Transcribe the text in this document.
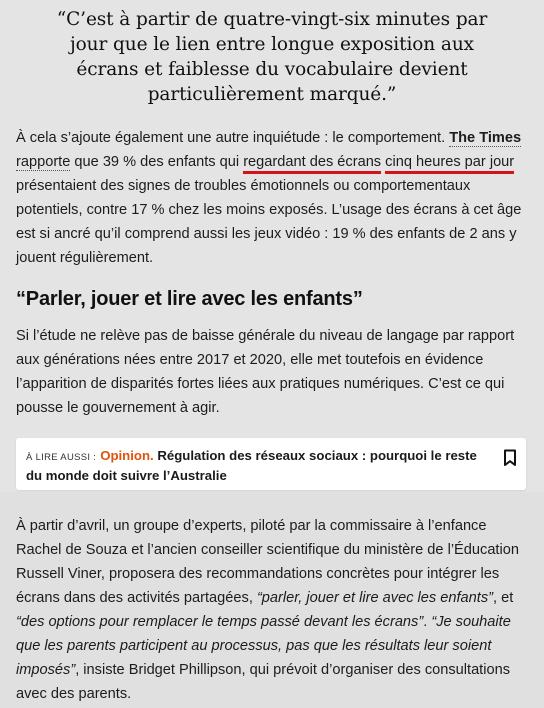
“C’est à partir de quatre-vingt-six minutes par jour que le lien entre longue exposition aux écrans et faiblesse du vocabulaire devient particulièrement marqué.”
À cela s’ajoute également une autre inquiétude : le comportement. The Times rapporte que 39 % des enfants qui regardant des écrans cinq heures par jour présentaient des signes de troubles émotionnels ou comportementaux potentiels, contre 17 % chez les moins exposés. L’usage des écrans à cet âge est si ancré qu’il comprend aussi les jeux vidéo : 19 % des enfants de 2 ans y jouent régulièrement.
“Parler, jouer et lire avec les enfants”
Si l’étude ne relève pas de baisse générale du niveau de langage par rapport aux générations nées entre 2017 et 2020, elle met toutefois en évidence l’apparition de disparités fortes liées aux pratiques numériques. C’est ce qui pousse le gouvernement à agir.
À LIRE AUSSI : Opinion. Régulation des réseaux sociaux : pourquoi le reste du monde doit suivre l’Australie
À partir d’avril, un groupe d’experts, piloté par la commissaire à l’enfance Rachel de Souza et l’ancien conseiller scientifique du ministère de l’Éducation Russell Viner, proposera des recommandations concrètes pour intégrer les écrans dans des activités partagées, “parler, jouer et lire avec les enfants”, et “des options pour remplacer le temps passé devant les écrans”. “Je souhaite que les parents participent au processus, pas que les résultats leur soient imposés”, insiste Bridget Phillipson, qui prévoit d’organiser des consultations avec des parents.
